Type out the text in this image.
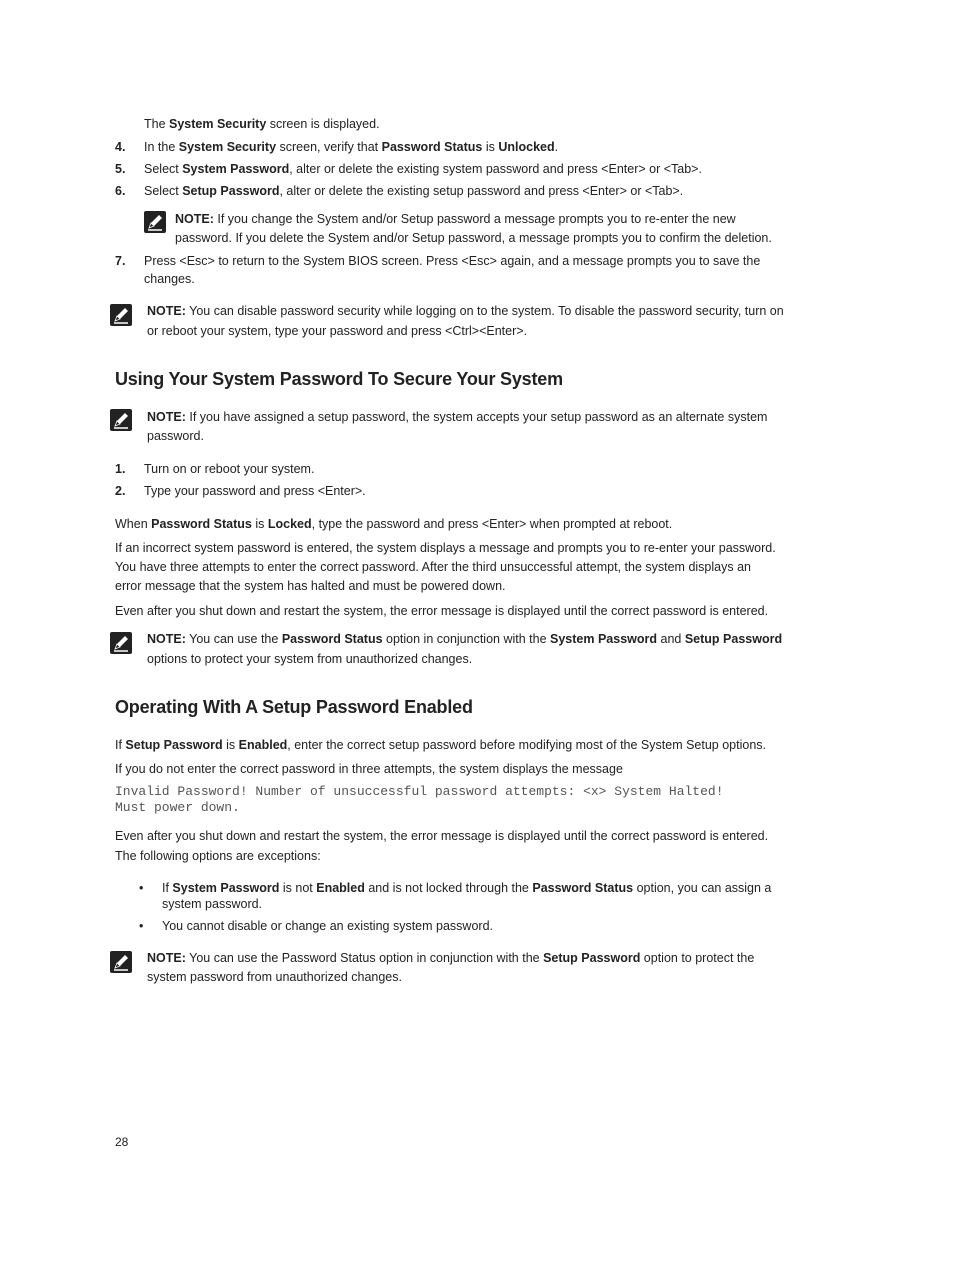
The System Security screen is displayed.
4. In the System Security screen, verify that Password Status is Unlocked.
5. Select System Password, alter or delete the existing system password and press <Enter> or <Tab>.
6. Select Setup Password, alter or delete the existing setup password and press <Enter> or <Tab>.
NOTE: If you change the System and/or Setup password a message prompts you to re-enter the new
password. If you delete the System and/or Setup password, a message prompts you to confirm the deletion.
7. Press <Esc> to return to the System BIOS screen. Press <Esc> again, and a message prompts you to save the
changes.
NOTE: You can disable password security while logging on to the system. To disable the password security, turn on
or reboot your system, type your password and press <Ctrl><Enter>.
Using Your System Password To Secure Your System
NOTE: If you have assigned a setup password, the system accepts your setup password as an alternate system
password.
1. Turn on or reboot your system.
2. Type your password and press <Enter>.
When Password Status is Locked, type the password and press <Enter> when prompted at reboot.
If an incorrect system password is entered, the system displays a message and prompts you to re-enter your password.
You have three attempts to enter the correct password. After the third unsuccessful attempt, the system displays an
error message that the system has halted and must be powered down.
Even after you shut down and restart the system, the error message is displayed until the correct password is entered.
NOTE: You can use the Password Status option in conjunction with the System Password and Setup Password
options to protect your system from unauthorized changes.
Operating With A Setup Password Enabled
If Setup Password is Enabled, enter the correct setup password before modifying most of the System Setup options.
If you do not enter the correct password in three attempts, the system displays the message
Invalid Password! Number of unsuccessful password attempts: <x> System Halted!
Must power down.
Even after you shut down and restart the system, the error message is displayed until the correct password is entered.
The following options are exceptions:
• If System Password is not Enabled and is not locked through the Password Status option, you can assign a
system password.
• You cannot disable or change an existing system password.
NOTE: You can use the Password Status option in conjunction with the Setup Password option to protect the
system password from unauthorized changes.
28
